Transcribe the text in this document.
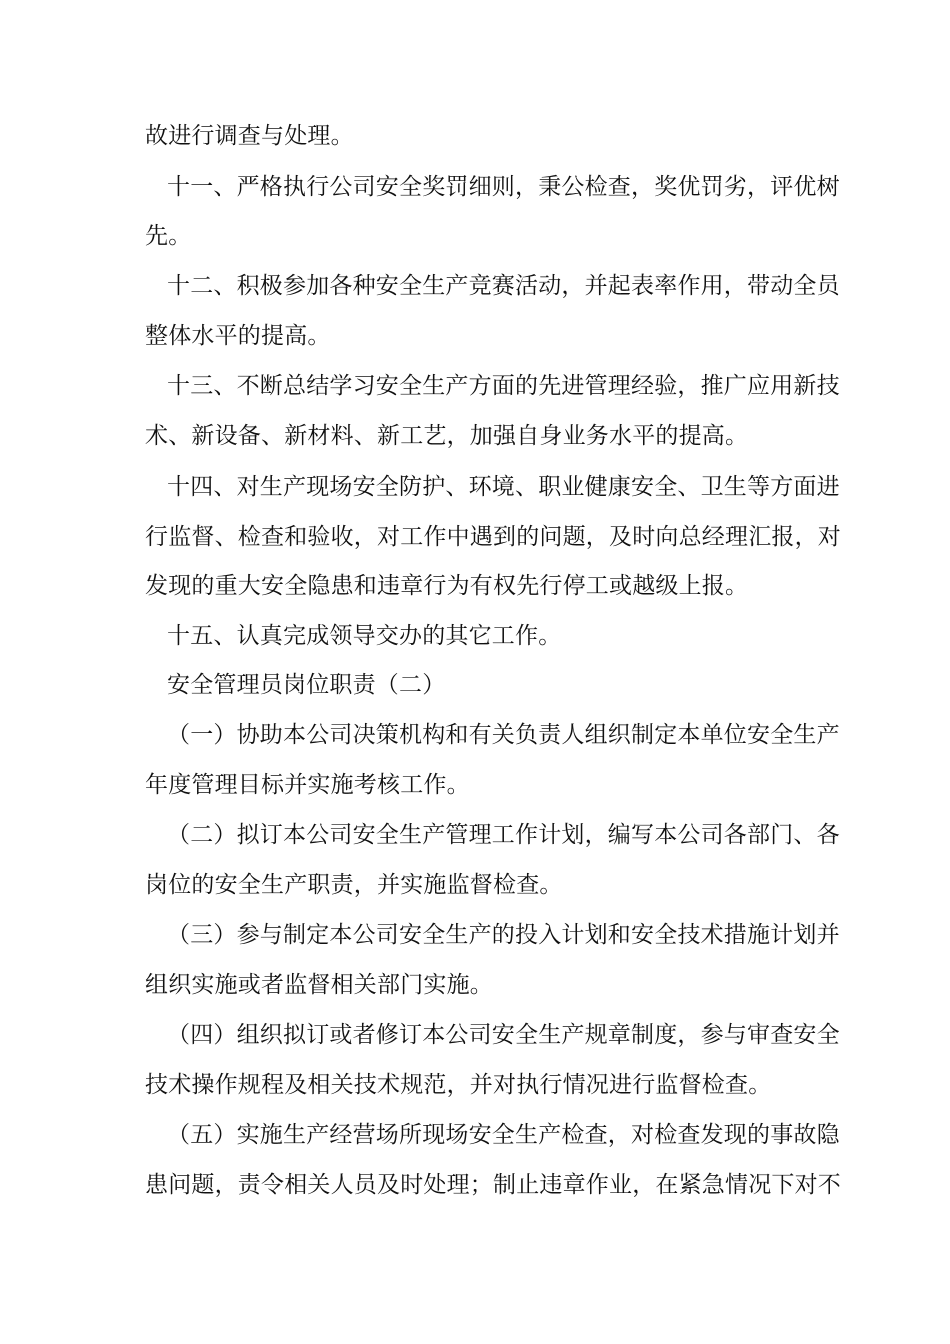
故进行调查与处理。
十一、严格执行公司安全奖罚细则，秉公检查，奖优罚劣，评优树
先。
十二、积极参加各种安全生产竞赛活动，并起表率作用，带动全员
整体水平的提高。
十三、不断总结学习安全生产方面的先进管理经验，推广应用新技
术、新设备、新材料、新工艺，加强自身业务水平的提高。
十四、对生产现场安全防护、环境、职业健康安全、卫生等方面进
行监督、检查和验收，对工作中遇到的问题，及时向总经理汇报，对
发现的重大安全隐患和违章行为有权先行停工或越级上报。
十五、认真完成领导交办的其它工作。
安全管理员岗位职责（二）
（一）协助本公司决策机构和有关负责人组织制定本单位安全生产
年度管理目标并实施考核工作。
（二）拟订本公司安全生产管理工作计划，编写本公司各部门、各
岗位的安全生产职责，并实施监督检查。
（三）参与制定本公司安全生产的投入计划和安全技术措施计划并
组织实施或者监督相关部门实施。
（四）组织拟订或者修订本公司安全生产规章制度，参与审查安全
技术操作规程及相关技术规范，并对执行情况进行监督检查。
（五）实施生产经营场所现场安全生产检查，对检查发现的事故隐
患问题，责令相关人员及时处理；制止违章作业，在紧急情况下对不
